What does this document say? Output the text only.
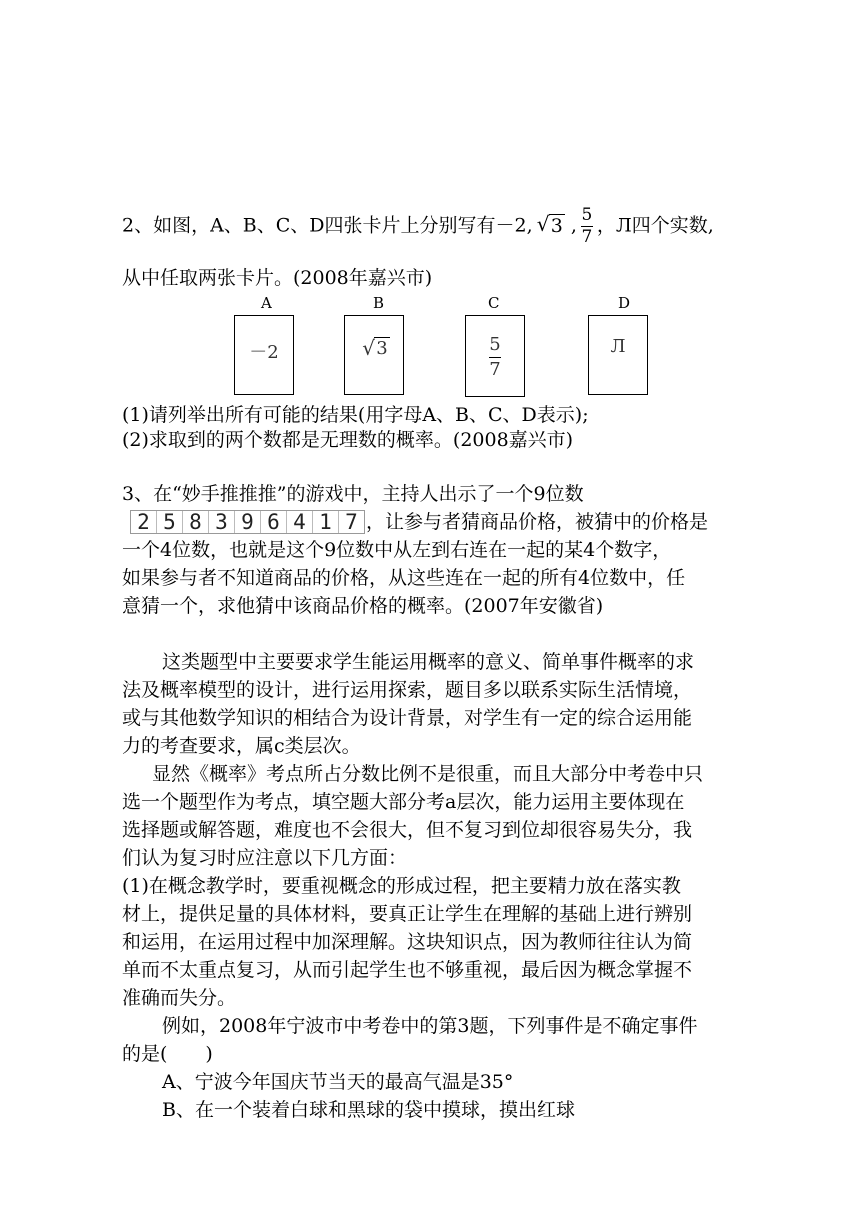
2、如图，A、B、C、D四张卡片上分别写有－2, √ 3 , $\frac{5}{7}$ ，Л四个实数,
从中任取两张卡片。(2008年嘉兴市)
A	B	C	D
－2	√ 3	$\frac{5}{7}$	Л
(1)请列举出所有可能的结果(用字母A、B、C、D表示);
(2)求取到的两个数都是无理数的概率。(2008嘉兴市)
3、在“妙手推推推”的游戏中，主持人出示了一个9位数
2 5 8 3 9 6 4 1 7 ，让参与者猜商品价格，被猜中的价格是
一个4位数，也就是这个9位数中从左到右连在一起的某4个数字，
如果参与者不知道商品的价格，从这些连在一起的所有4位数中，任
意猜一个，求他猜中该商品价格的概率。(2007年安徽省)
这类题型中主要要求学生能运用概率的意义、简单事件概率的求
法及概率模型的设计，进行运用探索，题目多以联系实际生活情境，
或与其他数学知识的相结合为设计背景，对学生有一定的综合运用能
力的考查要求，属c类层次。
显然《概率》考点所占分数比例不是很重，而且大部分中考卷中只
选一个题型作为考点，填空题大部分考a层次，能力运用主要体现在
选择题或解答题，难度也不会很大，但不复习到位却很容易失分，我
们认为复习时应注意以下几方面：
(1)在概念教学时，要重视概念的形成过程，把主要精力放在落实教
材上，提供足量的具体材料，要真正让学生在理解的基础上进行辨别
和运用，在运用过程中加深理解。这块知识点，因为教师往往认为简
单而不太重点复习，从而引起学生也不够重视，最后因为概念掌握不
准确而失分。
例如，2008年宁波市中考卷中的第3题，下列事件是不确定事件
的是(　　)
A、宁波今年国庆节当天的最高气温是35°
B、在一个装着白球和黑球的袋中摸球，摸出红球
